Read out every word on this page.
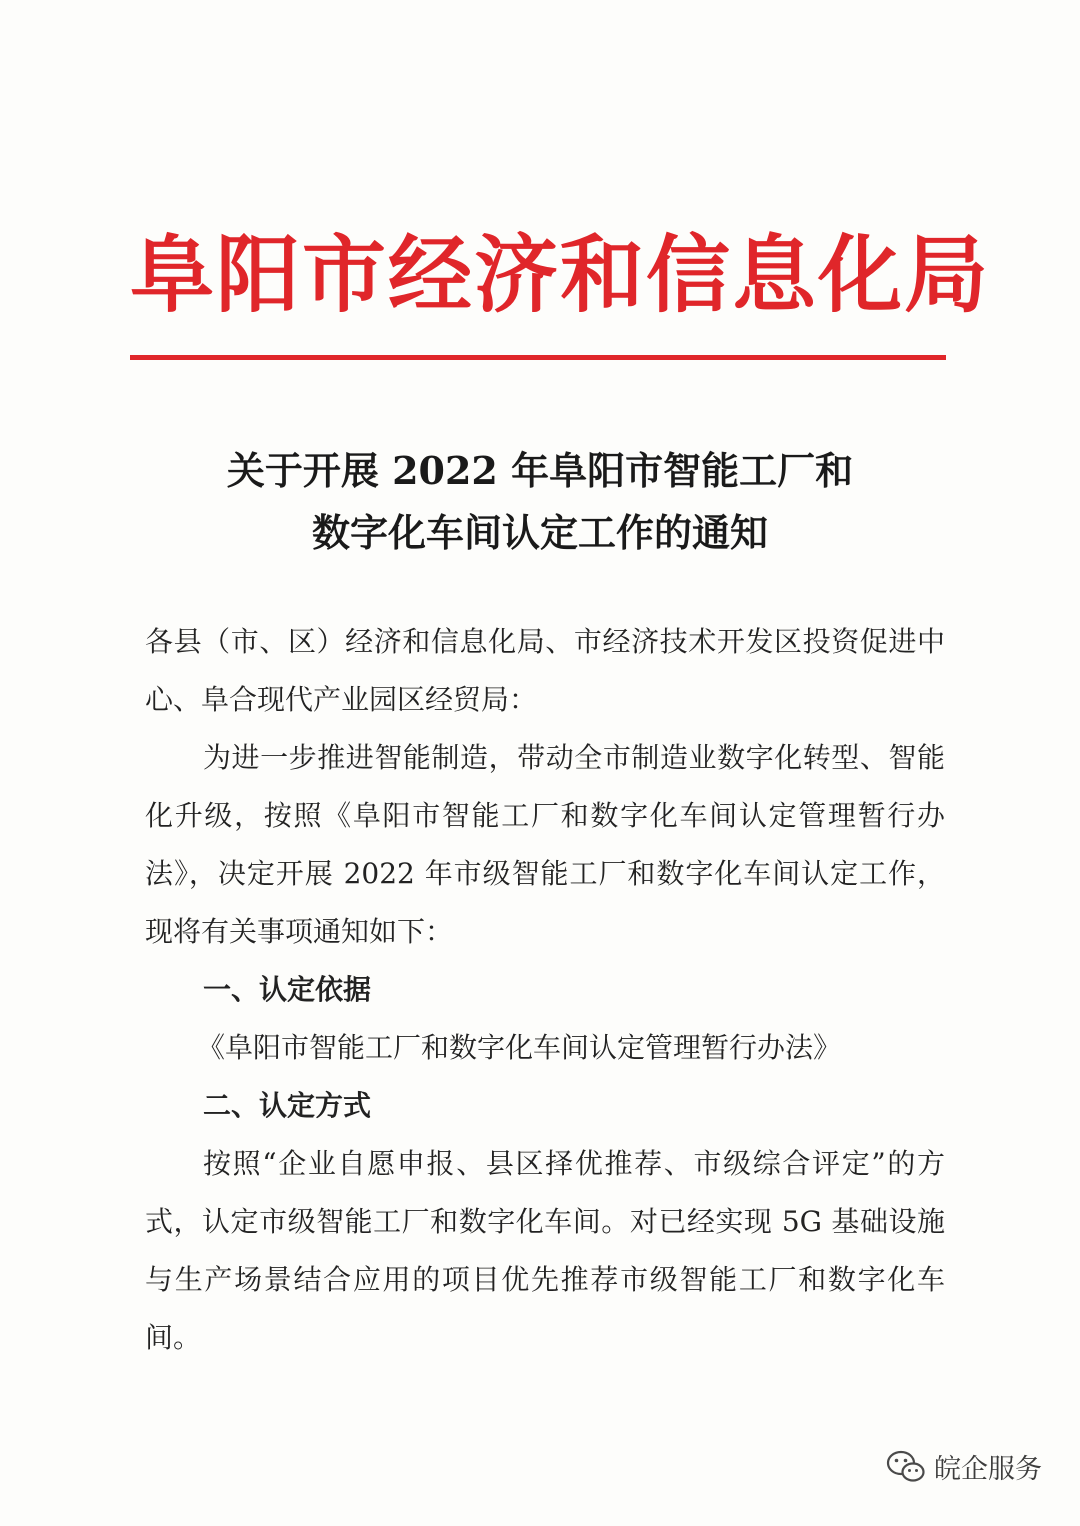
阜阳市经济和信息化局
关于开展 2022 年阜阳市智能工厂和
数字化车间认定工作的通知
各县（市、区）经济和信息化局、市经济技术开发区投资促进中心、阜合现代产业园区经贸局：
为进一步推进智能制造，带动全市制造业数字化转型、智能化升级，按照《阜阳市智能工厂和数字化车间认定管理暂行办法》，决定开展 2022 年市级智能工厂和数字化车间认定工作，现将有关事项通知如下：
一、认定依据
《阜阳市智能工厂和数字化车间认定管理暂行办法》
二、认定方式
按照“企业自愿申报、县区择优推荐、市级综合评定”的方式，认定市级智能工厂和数字化车间。对已经实现 5G 基础设施与生产场景结合应用的项目优先推荐市级智能工厂和数字化车间。
皖企服务
